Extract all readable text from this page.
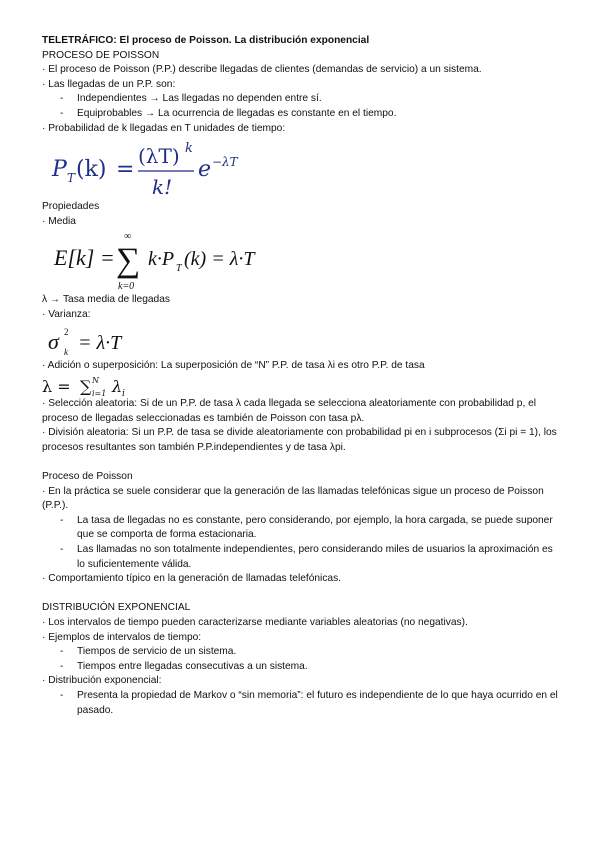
TELETRÁFICO: El proceso de Poisson. La distribución exponencial
PROCESO DE POISSON
· El proceso de Poisson (P.P.) describe llegadas de clientes (demandas de servicio) a un sistema.
· Las llegadas de un P.P. son:
- Independientes → Las llegadas no dependen entre sí.
- Equiprobables → La ocurrencia de llegadas es constante en el tiempo.
· Probabilidad de k llegadas en T unidades de tiempo:
P T (k) =
(λT) k
k!
e −λT
Propiedades
· Media
E[k] =
∞
∑
k=0
k·P T (k) = λ·T
λ → Tasa media de llegadas
· Varianza:
σ 2
k = λ·T
· Adición o superposición: La superposición de “N” P.P. de tasa λi es otro P.P. de tasa
λ = ∑ N
i=1 λ i
· Selección aleatoria: Si de un P.P. de tasa λ cada llegada se selecciona aleatoriamente con probabilidad p, el proceso de llegadas seleccionadas es también de Poisson con tasa pλ.
· División aleatoria: Si un P.P. de tasa se divide aleatoriamente con probabilidad pi en i subprocesos (Σi pi = 1), los procesos resultantes son también P.P.independientes y de tasa λpi.
Proceso de Poisson
· En la práctica se suele considerar que la generación de las llamadas telefónicas sigue un proceso de Poisson (P.P.).
- La tasa de llegadas no es constante, pero considerando, por ejemplo, la hora cargada, se puede suponer que se comporta de forma estacionaria.
- Las llamadas no son totalmente independientes, pero considerando miles de usuarios la aproximación es lo suficientemente válida.
· Comportamiento típico en la generación de llamadas telefónicas.
DISTRIBUCIÓN EXPONENCIAL
· Los intervalos de tiempo pueden caracterizarse mediante variables aleatorias (no negativas).
· Ejemplos de intervalos de tiempo:
- Tiempos de servicio de un sistema.
- Tiempos entre llegadas consecutivas a un sistema.
· Distribución exponencial:
- Presenta la propiedad de Markov o “sin memoria”: el futuro es independiente de lo que haya ocurrido en el pasado.
